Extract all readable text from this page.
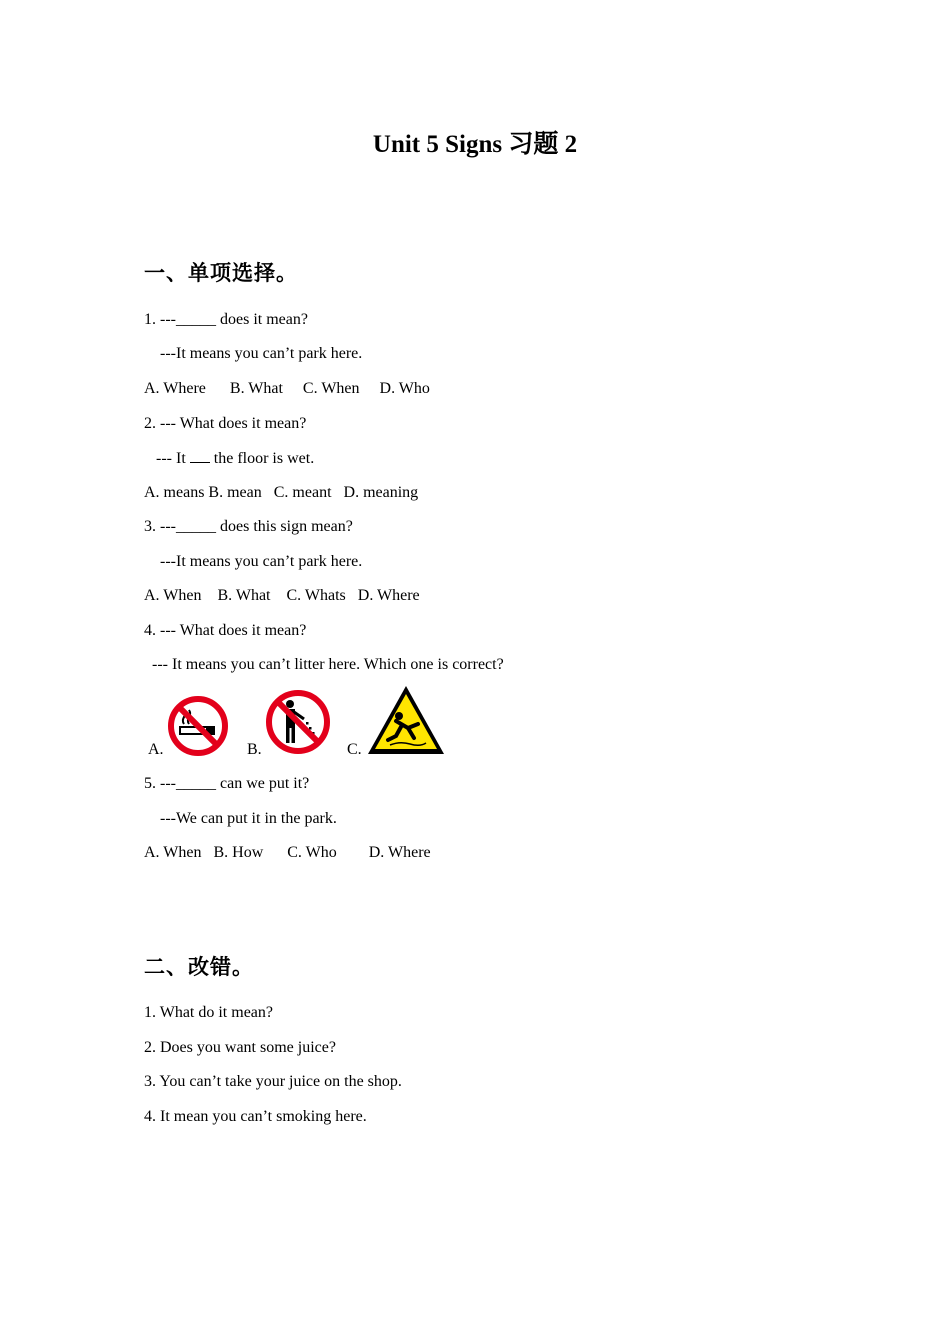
Unit 5 Signs 习题 2
一、单项选择。
1. ---_____ does it mean?
---It means you can’t park here.
A. Where      B. What     C. When     D. Who
2. --- What does it mean?
--- It the floor is wet.
A. means B. mean   C. meant   D. meaning
3. ---_____ does this sign mean?
---It means you can’t park here.
A. When    B. What    C. Whats   D. Where
4. --- What does it mean?
--- It means you can’t litter here. Which one is correct?
A.	B.	C.
5. ---_____ can we put it?
---We can put it in the park.
A. When   B. How      C. Who        D. Where
二、改错。
1. What do it mean?
2. Does you want some juice?
3. You can’t take your juice on the shop.
4. It mean you can’t smoking here.
